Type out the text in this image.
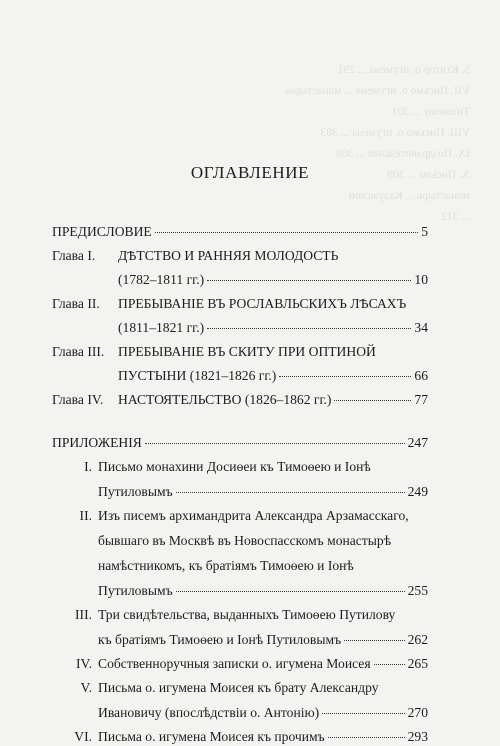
5. Ктитор о. игумена ... 291
VII. Письмо о. игумена ... монастырю
Тихонову ... 301
VIII. Письмо о. игумена ... 303
IX. Поздравительная ... 308
X. Письма ... 309
монастырь ... Калужской
... 312
ОГЛАВЛЕНИЕ
ПРЕДИСЛОВИЕ	5
Глава I.	ДѢТСТВО И РАННЯЯ МОЛОДОСТЬ
(1782–1811 гг.)	10
Глава II.	ПРЕБЫВАНІЕ ВЪ РОСЛАВЛЬСКИХЪ ЛѢСАХЪ
(1811–1821 гг.)	34
Глава III.	ПРЕБЫВАНІЕ ВЪ СКИТУ ПРИ ОПТИНОЙ
ПУСТЫНИ (1821–1826 гг.)	66
Глава IV.	НАСТОЯТЕЛЬСТВО (1826–1862 гг.)	77
ПРИЛОЖЕНІЯ	247
I. Письмо монахини Досиѳеи къ Тимоѳею и Іонѣ
Путиловымъ	249
II. Изъ писемъ архимандрита Александра Арзамасскаго,
бывшаго въ Москвѣ въ Новоспасскомъ монастырѣ
намѣстникомъ, къ братіямъ Тимоѳею и Іонѣ
Путиловымъ	255
III. Три свидѣтельства, выданныхъ Тимоѳею Путилову
къ братіямъ Тимоѳею и Іонѣ Путиловымъ	262
IV. Собственноручныя записки о. игумена Моисея	265
V. Письма о. игумена Моисея къ брату Александру
Ивановичу (впослѣдствіи о. Антонію)	270
VI. Письма о. игумена Моисея къ прочимъ	293
